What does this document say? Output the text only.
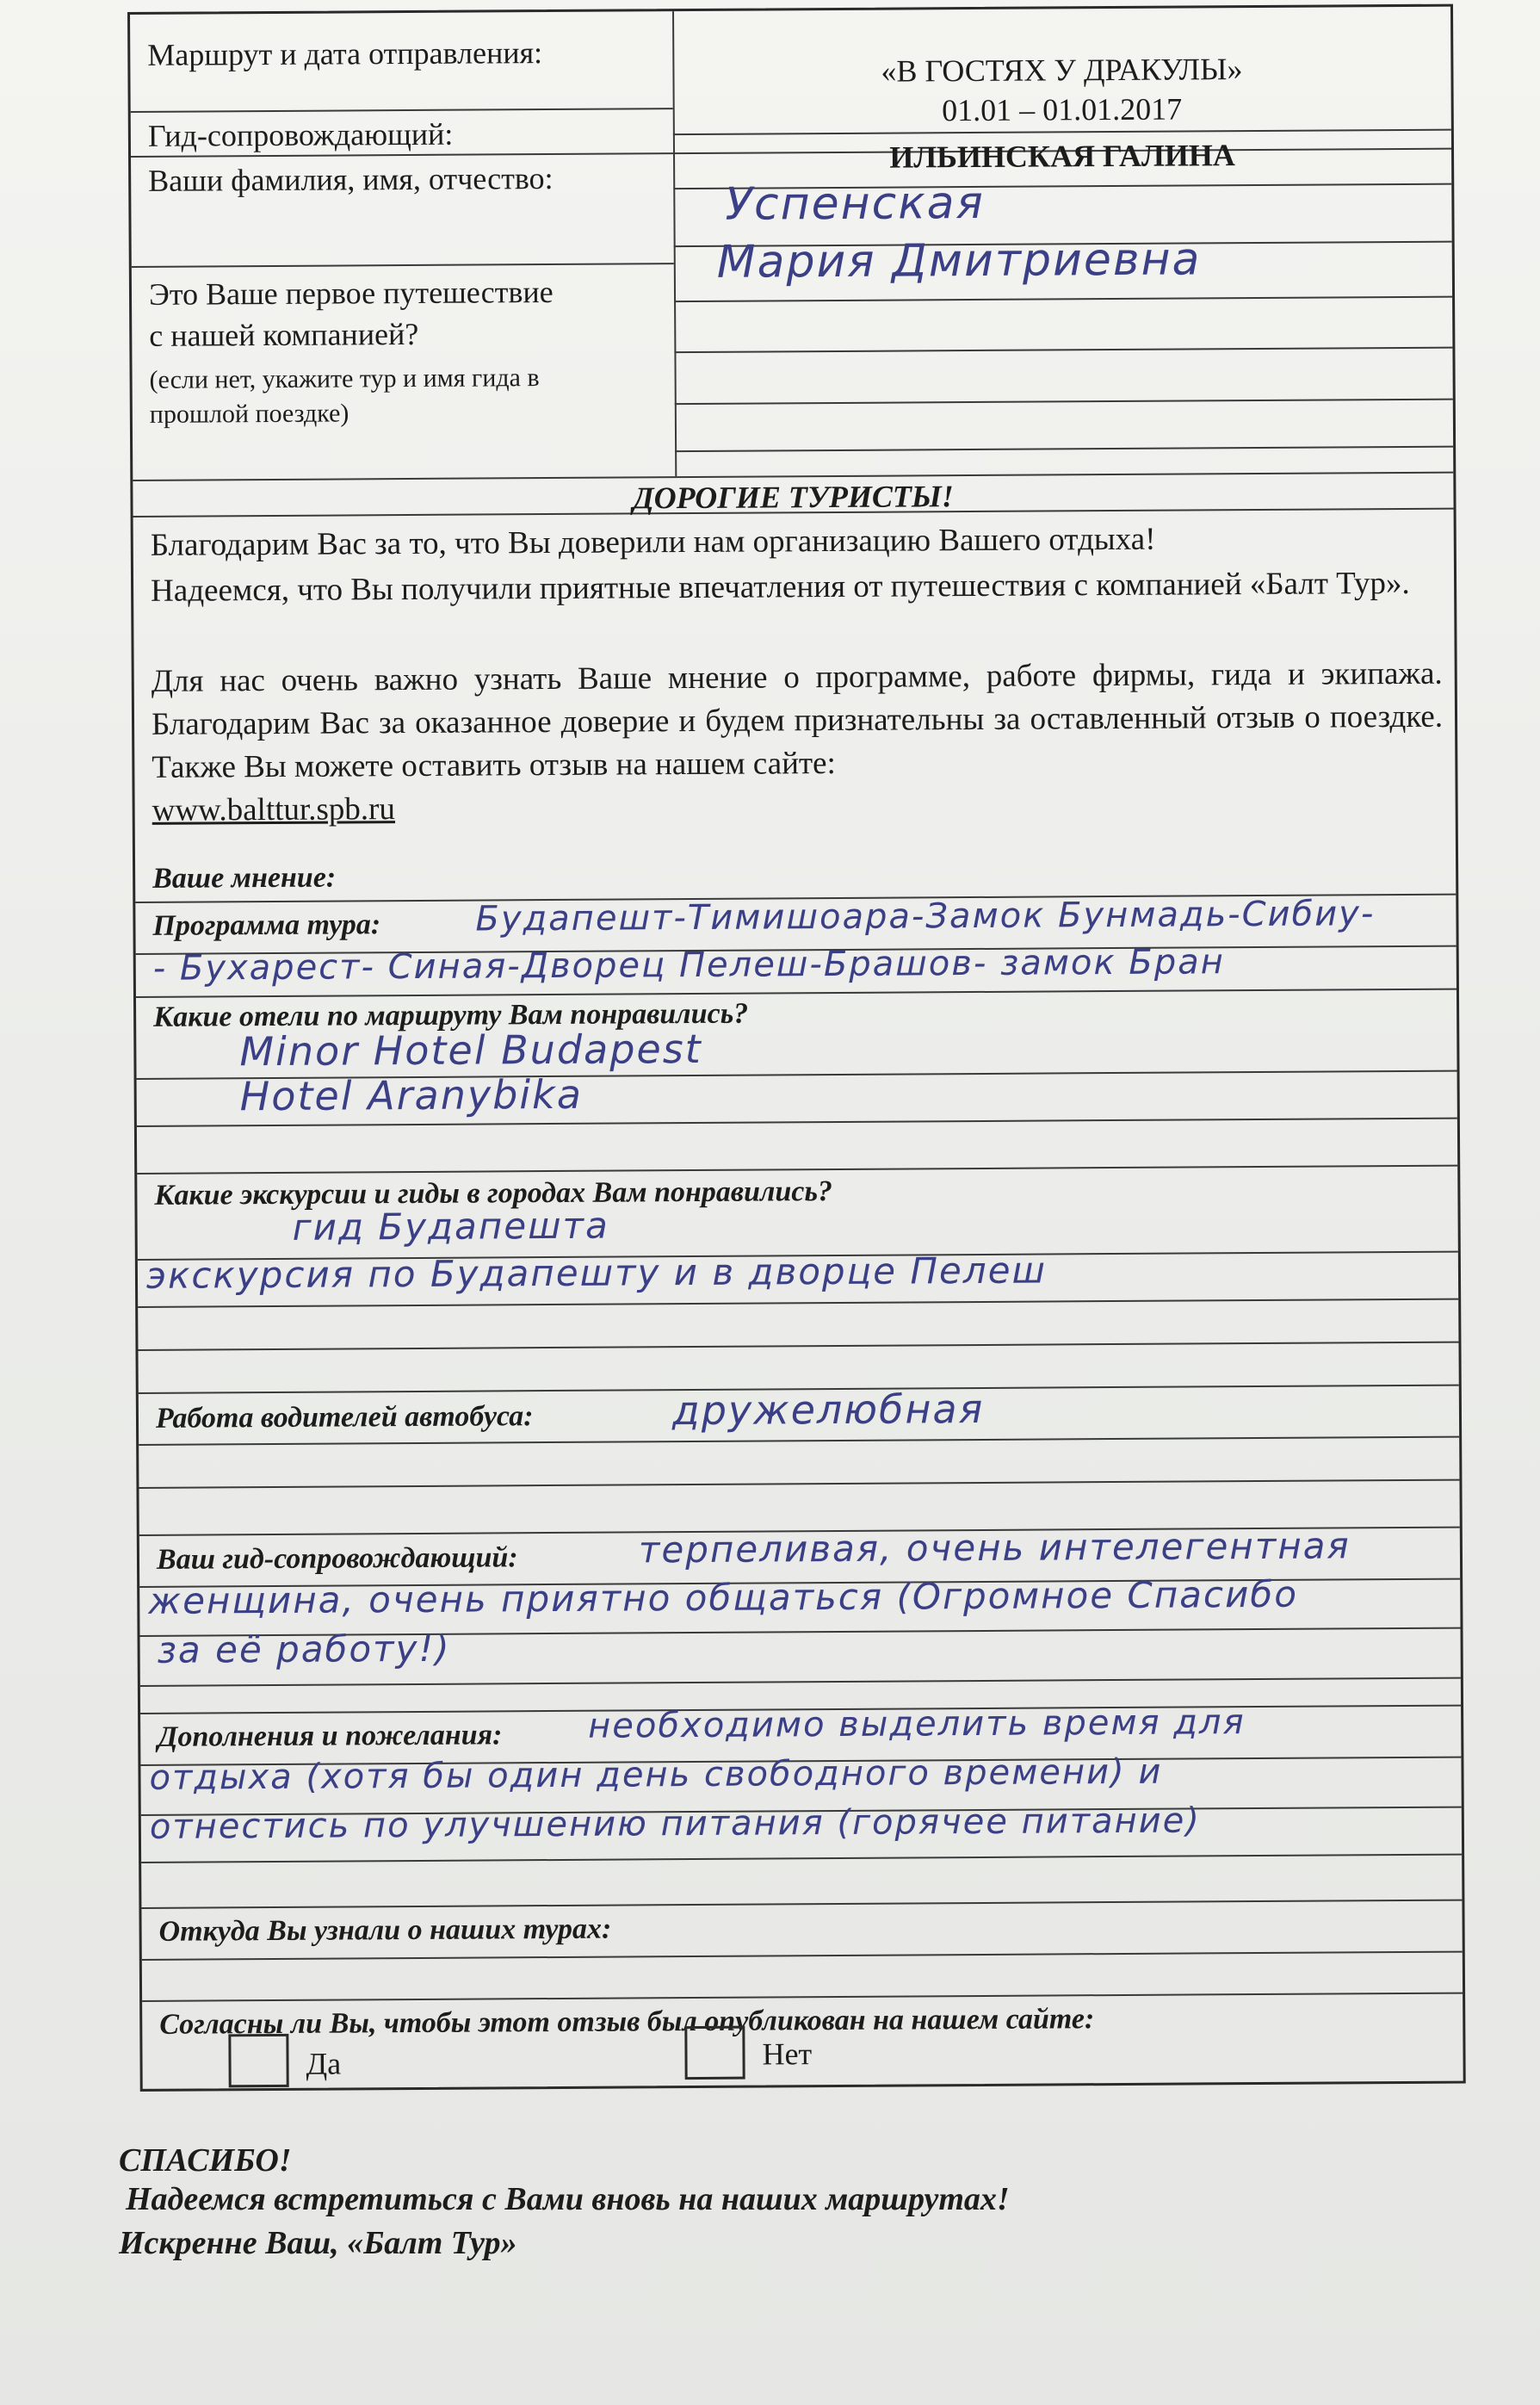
Маршрут и дата отправления:	«В ГОСТЯХ У ДРАКУЛЫ»
01.01 – 01.01.2017
Гид-сопровождающий:
ИЛЬИНСКАЯ ГАЛИНА
Ваши фамилия, имя, отчество:	Успенская
Мария Дмитриевна
Это Ваше первое путешествие
с нашей компанией?
(если нет, укажите тур и имя гида в прошлой поездке)
ДОРОГИЕ ТУРИСТЫ!
Благодарим Вас за то, что Вы доверили нам организацию Вашего отдыха!
Надеемся, что Вы получили приятные впечатления от путешествия с компанией «Балт Тур».
Для нас очень важно узнать Ваше мнение о программе, работе фирмы, гида и экипажа. Благодарим Вас за оказанное доверие и будем признательны за оставленный отзыв о поездке. Также Вы можете оставить отзыв на нашем сайте:
www.balttur.spb.ru
Ваше мнение:
Программа тура:	Будапешт-Тимишоара-Замок Бунмадь-Сибиу-
- Бухарест- Синая-Дворец Пелеш-Брашов- замок Бран
Какие отели по маршруту Вам понравились?
Minor Hotel Budapest
Hotel Aranybika
Какие экскурсии и гиды в городах Вам понравились?
гид Будапешта
экскурсия по Будапешту и в дворце Пелеш
Работа водителей автобуса:	дружелюбная
Ваш гид-сопровождающий:	терпеливая, очень интелегентная
женщина, очень приятно общаться (Огромное Спасибо
за её работу!)
Дополнения и пожелания: необходимо выделить время для
отдыха (хотя бы один день свободного времени) и
отнестись по улучшению питания (горячее питание)
Откуда Вы узнали о наших турах:
Согласны ли Вы, чтобы этот отзыв был опубликован на нашем сайте:
Да	Нет
СПАСИБО!
Надеемся встретиться с Вами вновь на наших маршрутах!
Искренне Ваш, «Балт Тур»
